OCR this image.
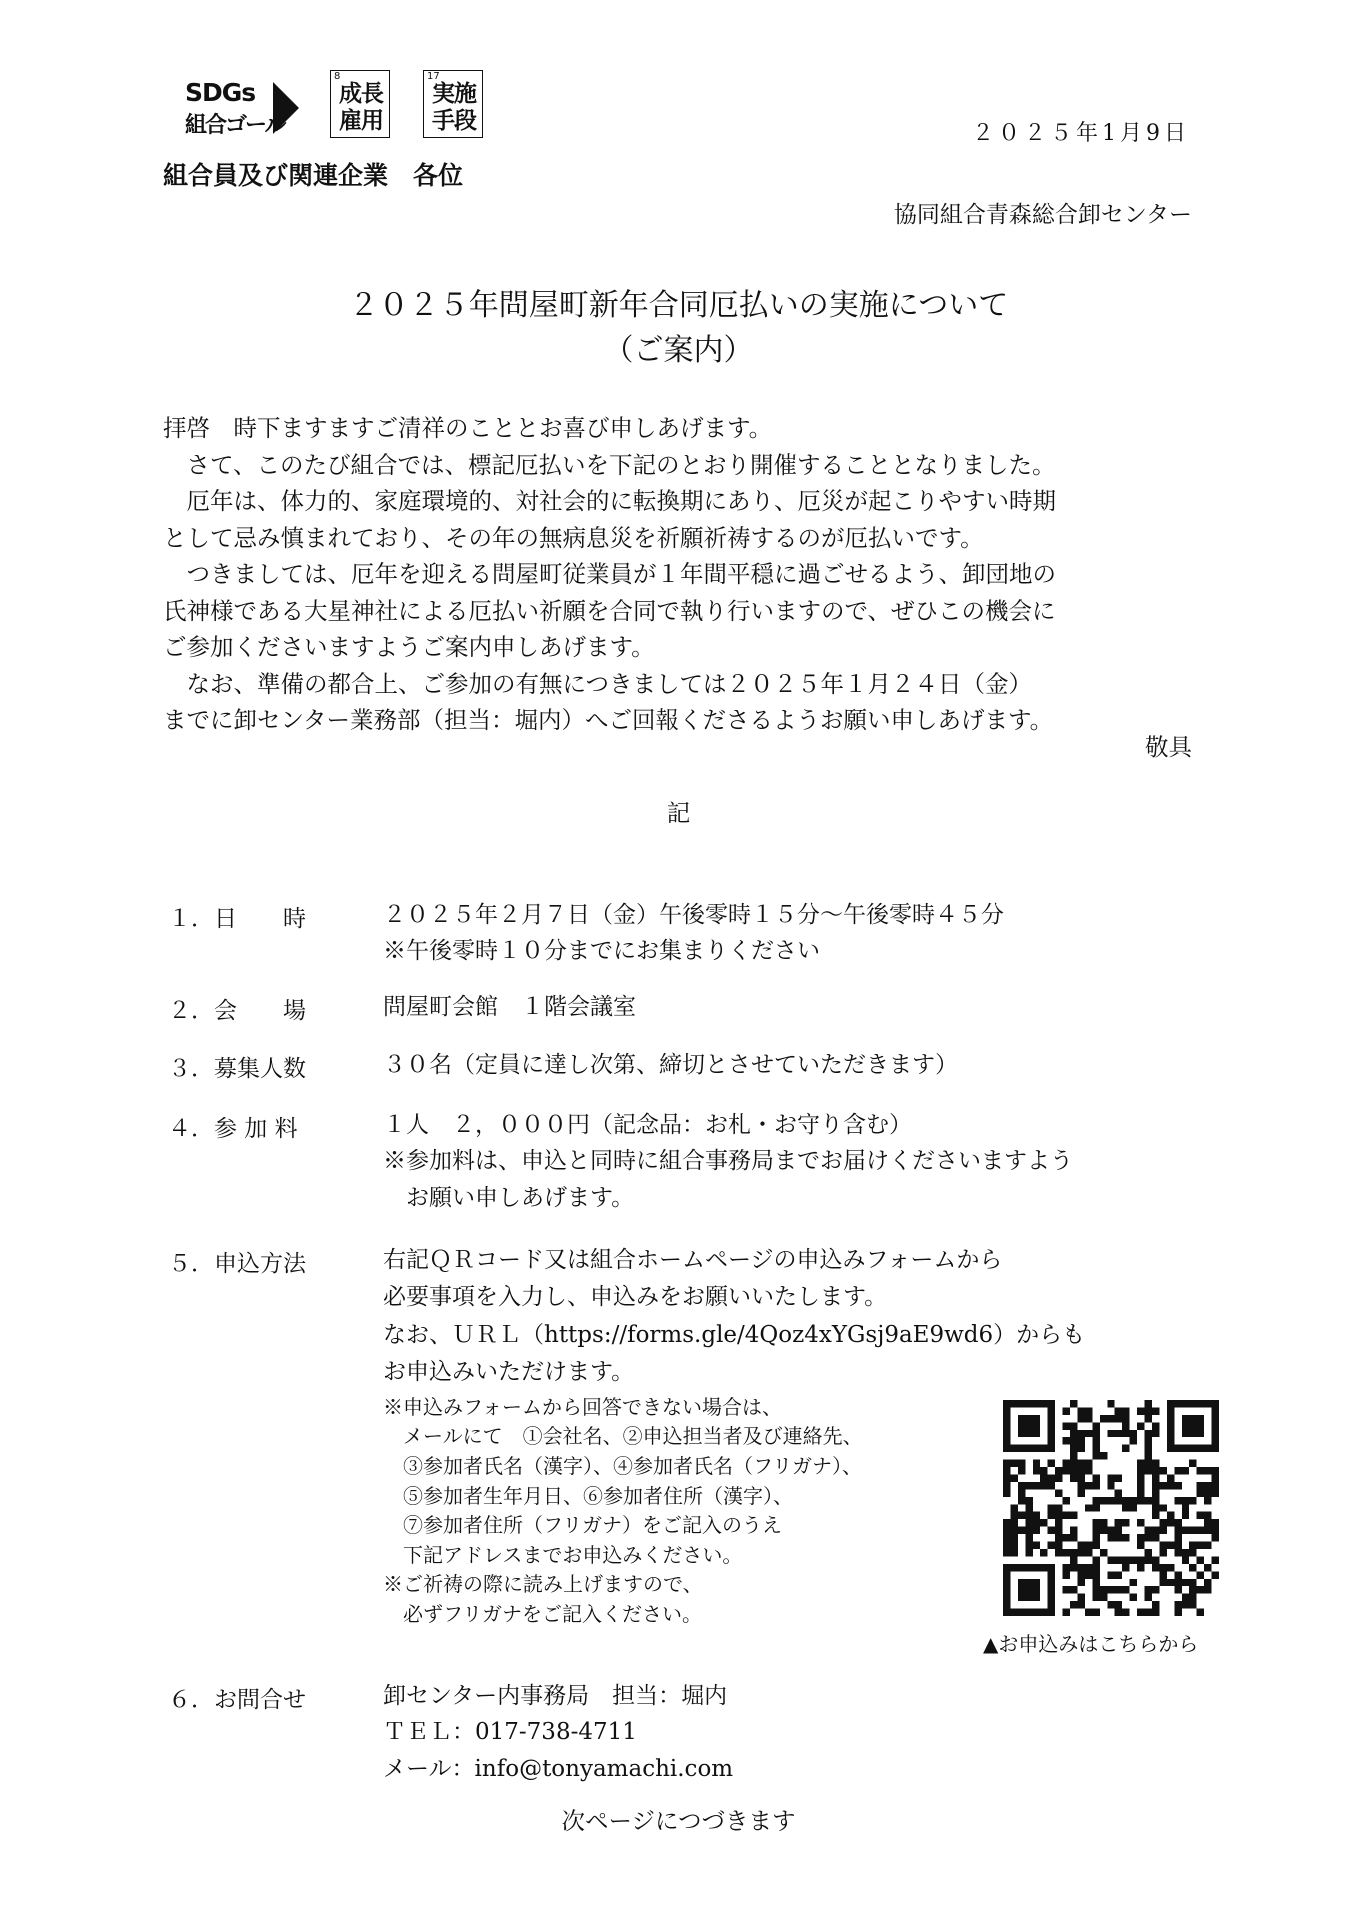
SDGs
組合ゴール
8
成長雇用
17
実施手段	２０２５年1月9日
組合員及び関連企業　各位
協同組合青森総合卸センター
２０２５年問屋町新年合同厄払いの実施について
（ご案内）

拝啓　時下ますますご清祥のこととお喜び申しあげます。

　さて、このたび組合では、標記厄払いを下記のとおり開催することとなりました。

　厄年は、体力的、家庭環境的、対社会的に転換期にあり、厄災が起こりやすい時期

として忌み慎まれており、その年の無病息災を祈願祈祷するのが厄払いです。

　つきましては、厄年を迎える問屋町従業員が１年間平穏に過ごせるよう、卸団地の

氏神様である大星神社による厄払い祈願を合同で執り行いますので、ぜひこの機会に

ご参加くださいますようご案内申しあげます。

　なお、準備の都合上、ご参加の有無につきましては２０２５年１月２４日（金）

までに卸センター業務部（担当：堀内）へご回報くださるようお願い申しあげます。

敬具
記
１．日　　時	２０２５年２月７日（金）午後零時１５分～午後零時４５分
※午後零時１０分までにお集まりください
２．会　　場	問屋町会館　１階会議室
３．募集人数	３０名（定員に達し次第、締切とさせていただきます）
４．参 加 料	１人　２，０００円（記念品：お札・お守り含む）
※参加料は、申込と同時に組合事務局までお届けくださいますよう
　お願い申しあげます。
５．申込方法	右記ＱＲコード又は組合ホームページの申込みフォームから
必要事項を入力し、申込みをお願いいたします。
なお、ＵＲＬ（https://forms.gle/4Qoz4xYGsj9aE9wd6）からも
お申込みいただけます。
※申込みフォームから回答できない場合は、
　メールにて　①会社名、②申込担当者及び連絡先、
　③参加者氏名（漢字）、④参加者氏名（フリガナ）、
　⑤参加者生年月日、⑥参加者住所（漢字）、
　⑦参加者住所（フリガナ）をご記入のうえ
　下記アドレスまでお申込みください。
※ご祈祷の際に読み上げますので、
　必ずフリガナをご記入ください。
▲お申込みはこちらから
６．お問合せ	卸センター内事務局　担当：堀内
ＴＥＬ：017-738-4711
メール：info@tonyamachi.com
次ページにつづきます
